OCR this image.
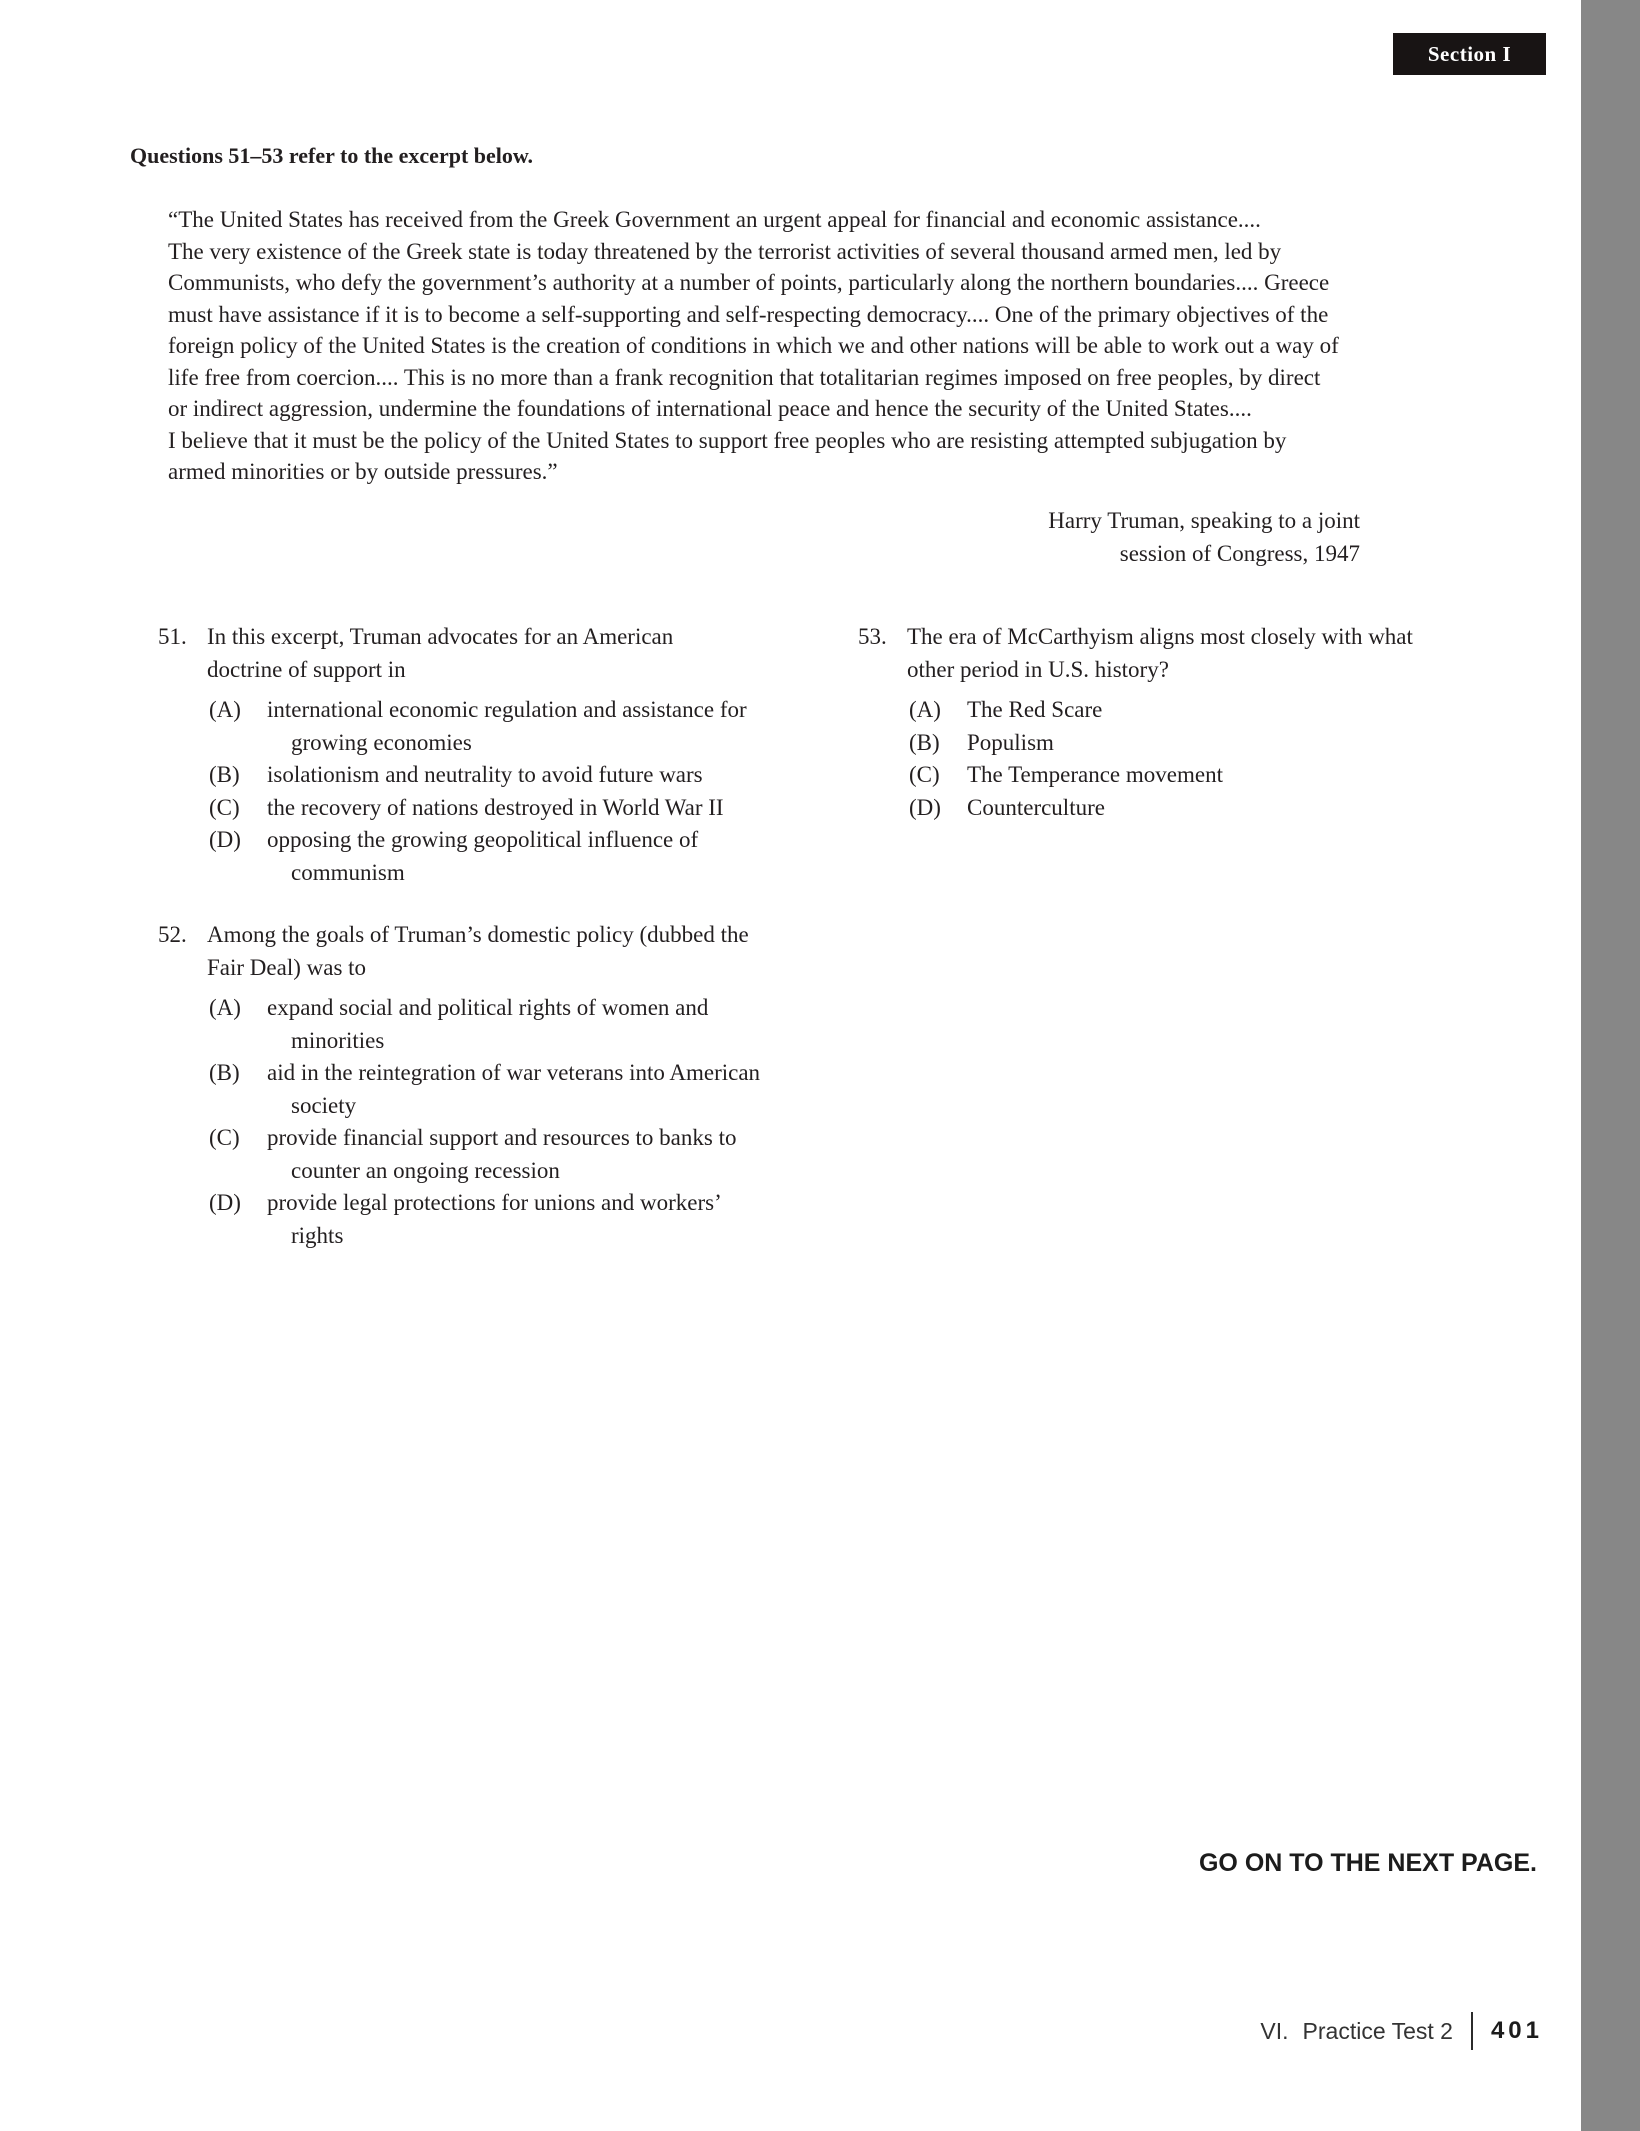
Section I
Questions 51–53 refer to the excerpt below.
“The United States has received from the Greek Government an urgent appeal for financial and economic assistance....
The very existence of the Greek state is today threatened by the terrorist activities of several thousand armed men, led by
Communists, who defy the government’s authority at a number of points, particularly along the northern boundaries.... Greece
must have assistance if it is to become a self-supporting and self-respecting democracy.... One of the primary objectives of the
foreign policy of the United States is the creation of conditions in which we and other nations will be able to work out a way of
life free from coercion.... This is no more than a frank recognition that totalitarian regimes imposed on free peoples, by direct
or indirect aggression, undermine the foundations of international peace and hence the security of the United States....
I believe that it must be the policy of the United States to support free peoples who are resisting attempted subjugation by
armed minorities or by outside pressures.”
Harry Truman, speaking to a joint
session of Congress, 1947
51. In this excerpt, Truman advocates for an American
doctrine of support in
(A) international economic regulation and assistance for
growing economies
(B) isolationism and neutrality to avoid future wars
(C) the recovery of nations destroyed in World War II
(D) opposing the growing geopolitical influence of
communism
52. Among the goals of Truman’s domestic policy (dubbed the
Fair Deal) was to
(A) expand social and political rights of women and
minorities
(B) aid in the reintegration of war veterans into American
society
(C) provide financial support and resources to banks to
counter an ongoing recession
(D) provide legal protections for unions and workers’
rights
53. The era of McCarthyism aligns most closely with what
other period in U.S. history?
(A) The Red Scare
(B) Populism
(C) The Temperance movement
(D) Counterculture
GO ON TO THE NEXT PAGE.
VI. Practice Test 2 401
